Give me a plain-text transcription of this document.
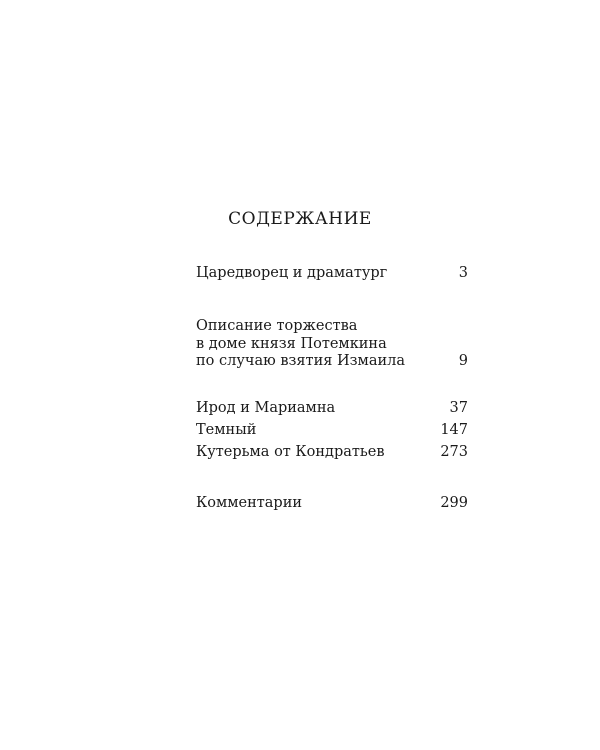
СОДЕРЖАНИЕ
Царедворец и драматург	3
Описание торжества
в доме князя Потемкина
по случаю взятия Измаила	9
Ирод и Мариамна	37
Темный	147
Кутерьма от Кондратьев	273
Комментарии	299
